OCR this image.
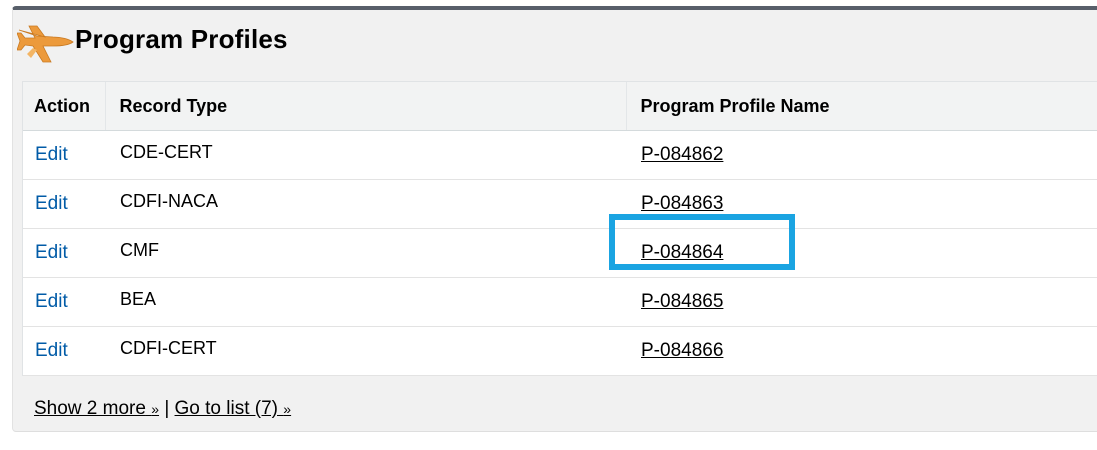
Program Profiles
Action	Record Type	Program Profile Name
Edit	CDE-CERT	P-084862
Edit	CDFI-NACA	P-084863
Edit	CMF	P-084864
Edit	BEA	P-084865
Edit	CDFI-CERT	P-084866
Show 2 more » | Go to list (7) »
